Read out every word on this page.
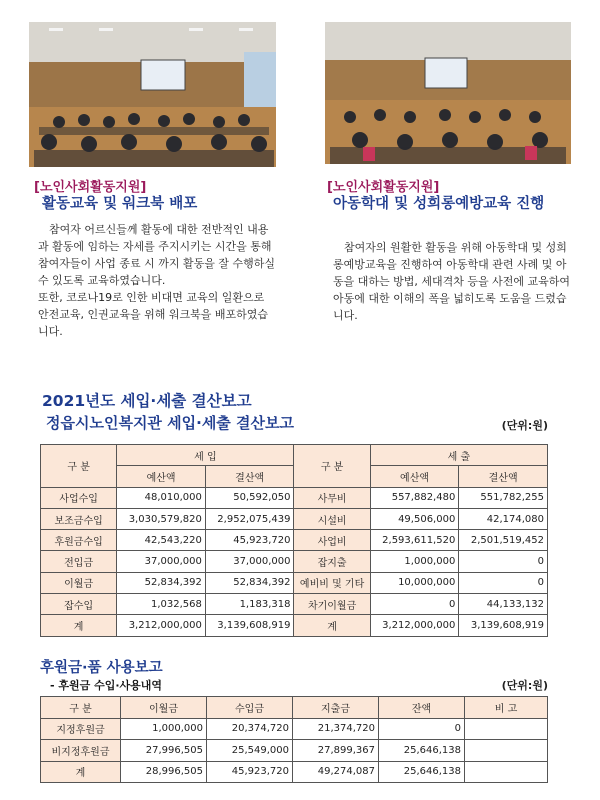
[노인사회활동지원]
활동교육 및 워크북 배포

참여자 어르신들께 활동에 대한 전반적인 내용과 활동에 임하는 자세를 주지시키는 시간을 통해 참여자들이 사업 종료 시 까지 활동을 잘 수행하실 수 있도록 교육하였습니다.

또한, 코로나19로 인한 비대면 교육의 일환으로 안전교육, 인권교육을 위해 워크북을 배포하였습니다.

[노인사회활동지원]
아동학대 및 성희롱예방교육 진행

참여자의 원활한 활동을 위해 아동학대 및 성희롱예방교육을 진행하여 아동학대 관련 사례 및 아동을 대하는 방법, 세대격차 등을 사전에 교육하여 아동에 대한 이해의 폭을 넓히도록 도움을 드렸습니다.

2021년도 세입·세출 결산보고
정읍시노인복지관 세입·세출 결산보고	(단위:원)
구 분	세 입		구 분	세 출	
	예산액	결산액		예산액	결산액
사업수입	48,010,000	50,592,050	사무비	557,882,480	551,782,255
보조금수입	3,030,579,820	2,952,075,439	시설비	49,506,000	42,174,080
후원금수입	42,543,220	45,923,720	사업비	2,593,611,520	2,501,519,452
전입금	37,000,000	37,000,000	잡지출	1,000,000	0
이월금	52,834,392	52,834,392	예비비 및 기타	10,000,000	0
잡수입	1,032,568	1,183,318	차기이월금	0	44,133,132
계	3,212,000,000	3,139,608,919	계	3,212,000,000	3,139,608,919
후원금·품 사용보고
- 후원금 수입·사용내역	(단위:원)
구 분	이월금	수입금	지출금	잔액	비 고
지정후원금	1,000,000	20,374,720	21,374,720	0	
비지정후원금	27,996,505	25,549,000	27,899,367	25,646,138	
계	28,996,505	45,923,720	49,274,087	25,646,138	
